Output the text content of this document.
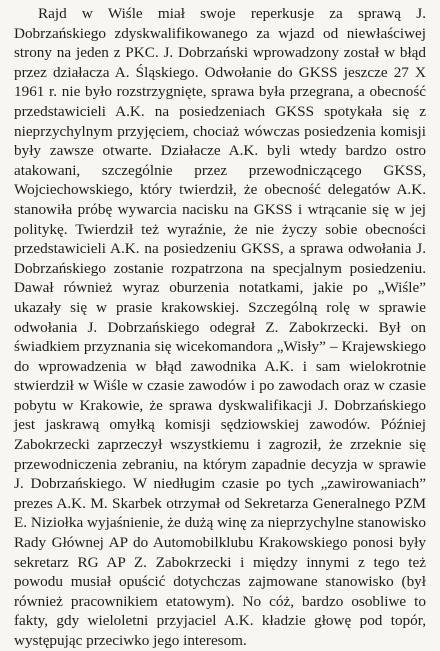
Rajd w Wiśle miał swoje reperkusje za sprawą J. Dobrzańskiego zdyskwalifikowanego za wjazd od niewłaściwej strony na jeden z PKC. J. Dobrzański wprowadzony został w błąd przez działacza A. Śląskiego. Odwołanie do GKSS jeszcze 27 X 1961 r. nie było rozstrzygnięte, sprawa była przegrana, a obecność przedstawicieli A.K. na posiedzeniach GKSS spotykała się z nieprzychylnym przyjęciem, chociaż wówczas posiedzenia komisji były zawsze otwarte. Działacze A.K. byli wtedy bardzo ostro atakowani, szczególnie przez przewodniczącego GKSS, Wojciechowskiego, który twierdził, że obecność delegatów A.K. stanowiła próbę wywarcia nacisku na GKSS i wtrącanie się w jej politykę. Twierdził też wyraźnie, że nie życzy sobie obecności przedstawicieli A.K. na posiedzeniu GKSS, a sprawa odwołania J. Dobrzańskiego zostanie rozpatrzona na specjalnym posiedzeniu. Dawał również wyraz oburzenia notatkami, jakie po „Wiśle” ukazały się w prasie krakowskiej. Szczególną rolę w sprawie odwołania J. Dobrzańskiego odegrał Z. Zabokrzecki. Był on świadkiem przyznania się wicekomandora „Wisły” – Krajewskiego do wprowadzenia w błąd zawodnika A.K. i sam wielokrotnie stwierdził w Wiśle w czasie zawodów i po zawodach oraz w czasie pobytu w Krakowie, że sprawa dyskwalifikacji J. Dobrzańskiego jest jaskrawą omyłką komisji sędziowskiej zawodów. Później Zabokrzecki zaprzeczył wszystkiemu i zagroził, że zrzeknie się przewodniczenia zebraniu, na którym zapadnie decyzja w sprawie J. Dobrzańskiego. W niedługim czasie po tych „zawirowaniach” prezes A.K. M. Skarbek otrzymał od Sekretarza Generalnego PZM E. Niziołka wyjaśnienie, że dużą winę za nieprzychylne stanowisko Rady Głównej AP do Automobilklubu Krakowskiego ponosi były sekretarz RG AP Z. Zabokrzecki i między innymi z tego też powodu musiał opuścić dotychczas zajmowane stanowisko (był również pracownikiem etatowym). No cóż, bardzo osobliwe to fakty, gdy wieloletni przyjaciel A.K. kładzie głowę pod topór, występując przeciwko jego interesom.
